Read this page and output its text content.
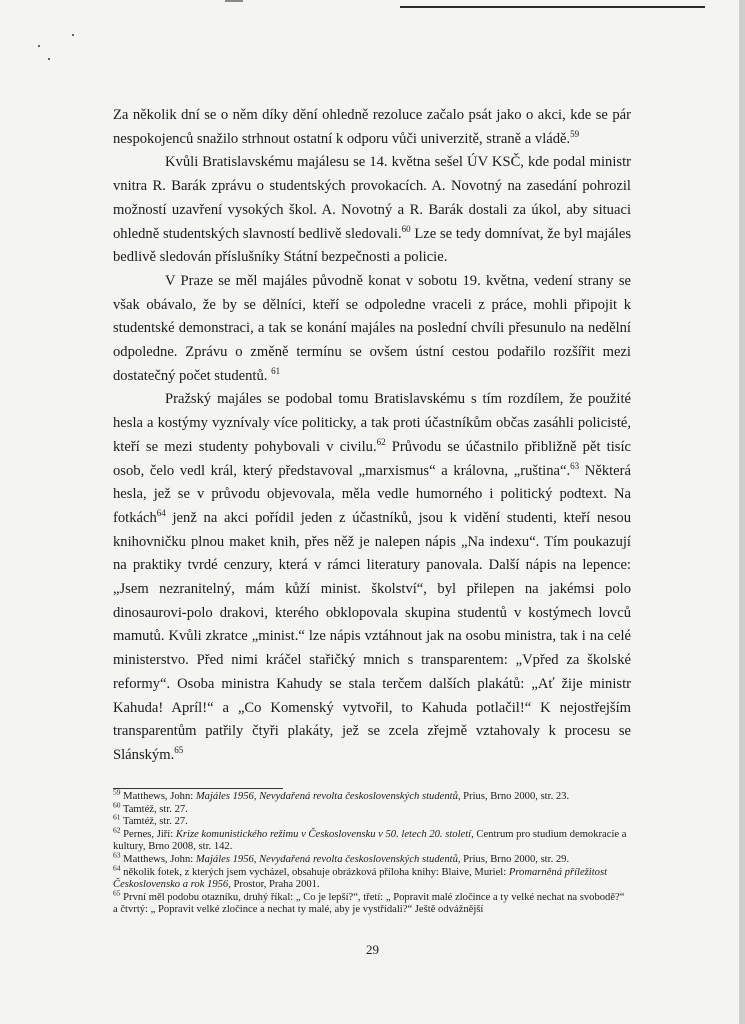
Za několik dní se o něm díky dění ohledně rezoluce začalo psát jako o akci, kde se pár nespokojenců snažilo strhnout ostatní k odporu vůči univerzitě, straně a vládě.$^{59}$

Kvůli Bratislavskému majálesu se 14. května sešel ÚV KSČ, kde podal ministr vnitra R. Barák zprávu o studentských provokacích. A. Novotný na zasedání pohrozil možností uzavření vysokých škol. A. Novotný a R. Barák dostali za úkol, aby situaci ohledně studentských slavností bedlivě sledovali.$^{60}$ Lze se tedy domnívat, že byl majáles bedlivě sledován příslušníky Státní bezpečnosti a policie.

V Praze se měl majáles původně konat v sobotu 19. května, vedení strany se však obávalo, že by se dělníci, kteří se odpoledne vraceli z práce, mohli připojit k studentské demonstraci, a tak se konání majáles na poslední chvíli přesunulo na nedělní odpoledne. Zprávu o změně termínu se ovšem ústní cestou podařilo rozšířit mezi dostatečný počet studentů. $^{61}$

Pražský majáles se podobal tomu Bratislavskému s tím rozdílem, že použité hesla a kostýmy vyznívaly více politicky, a tak proti účastníkům občas zasáhli policisté, kteří se mezi studenty pohybovali v civilu.$^{62}$ Průvodu se účastnilo přibližně pět tisíc osob, čelo vedl král, který představoval „marxismus“ a královna, „ruština“.$^{63}$ Některá hesla, jež se v průvodu objevovala, měla vedle humorného i politický podtext. Na fotkách$^{64}$ jenž na akci pořídil jeden z účastníků, jsou k vidění studenti, kteří nesou knihovničku plnou maket knih, přes něž je nalepen nápis „Na indexu“. Tím poukazují na praktiky tvrdé cenzury, která v rámci literatury panovala. Další nápis na lepence: „Jsem nezranitelný, mám kůží minist. školství“, byl přilepen na jakémsi polo dinosaurovi-polo drakovi, kterého obklopovala skupina studentů v kostýmech lovců mamutů. Kvůli zkratce „minist.“ lze nápis vztáhnout jak na osobu ministra, tak i na celé ministerstvo. Před nimi kráčel stařičký mnich s transparentem: „Vpřed za školské reformy“. Osoba ministra Kahudy se stala terčem dalších plakátů: „Ať žije ministr Kahuda! Apríl!“ a „Co Komenský vytvořil, to Kahuda potlačil!“ K nejostřejším transparentům patřily čtyři plakáty, jež se zcela zřejmě vztahovaly k procesu se Slánským.$^{65}$

$^{59}$ Matthews, John: Majáles 1956, Nevydařená revolta československých studentů, Prius, Brno 2000, str. 23.

$^{60}$ Tamtéž, str. 27.

$^{61}$ Tamtéž, str. 27.

$^{62}$ Pernes, Jiří: Krize komunistického režimu v Československu v 50. letech 20. století, Centrum pro studium demokracie a kultury, Brno 2008, str. 142.

$^{63}$ Matthews, John: Majáles 1956, Nevydařená revolta československých studentů, Prius, Brno 2000, str. 29.

$^{64}$ několik fotek, z kterých jsem vycházel, obsahuje obrázková příloha knihy: Blaive, Muriel: Promarněná příležitost Československo a rok 1956, Prostor, Praha 2001.

$^{65}$ První měl podobu otazníku, druhý říkal: „ Co je lepší?“, třetí: „ Popravit malé zločince a ty velké nechat na svobodě?“ a čtvrtý: „ Popravit velké zločince a nechat ty malé, aby je vystřídali?“ Ještě odvážnější

29
